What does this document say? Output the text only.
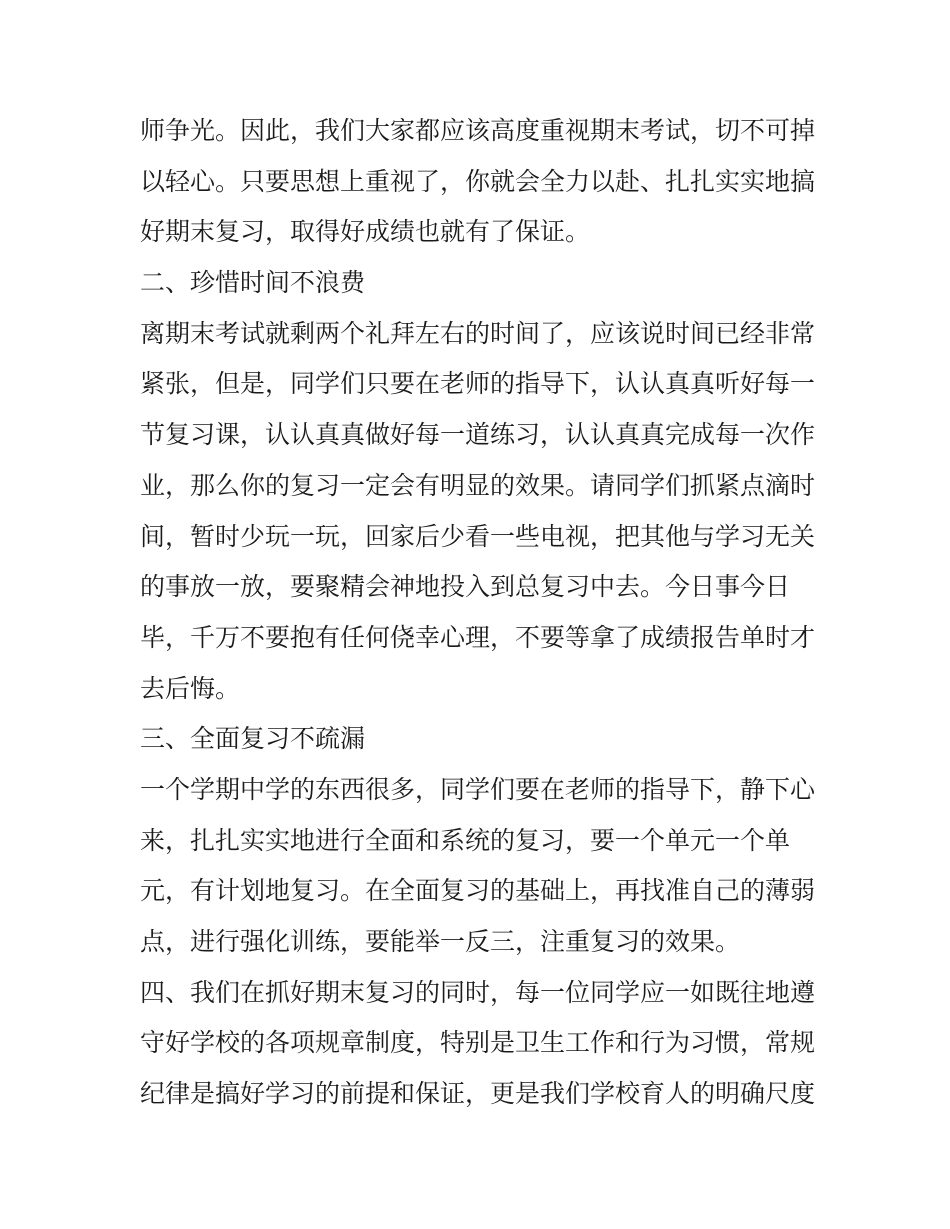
师争光。因此，我们大家都应该高度重视期末考试，切不可掉
以轻心。只要思想上重视了，你就会全力以赴、扎扎实实地搞
好期末复习，取得好成绩也就有了保证。
二、珍惜时间不浪费
离期末考试就剩两个礼拜左右的时间了，应该说时间已经非常
紧张，但是，同学们只要在老师的指导下，认认真真听好每一
节复习课，认认真真做好每一道练习，认认真真完成每一次作
业，那么你的复习一定会有明显的效果。请同学们抓紧点滴时
间，暂时少玩一玩，回家后少看一些电视，把其他与学习无关
的事放一放，要聚精会神地投入到总复习中去。今日事今日
毕，千万不要抱有任何侥幸心理，不要等拿了成绩报告单时才
去后悔。
三、全面复习不疏漏
一个学期中学的东西很多，同学们要在老师的指导下，静下心
来，扎扎实实地进行全面和系统的复习，要一个单元一个单
元，有计划地复习。在全面复习的基础上，再找准自己的薄弱
点，进行强化训练，要能举一反三，注重复习的效果。
四、我们在抓好期末复习的同时，每一位同学应一如既往地遵
守好学校的各项规章制度，特别是卫生工作和行为习惯，常规
纪律是搞好学习的前提和保证，更是我们学校育人的明确尺度
